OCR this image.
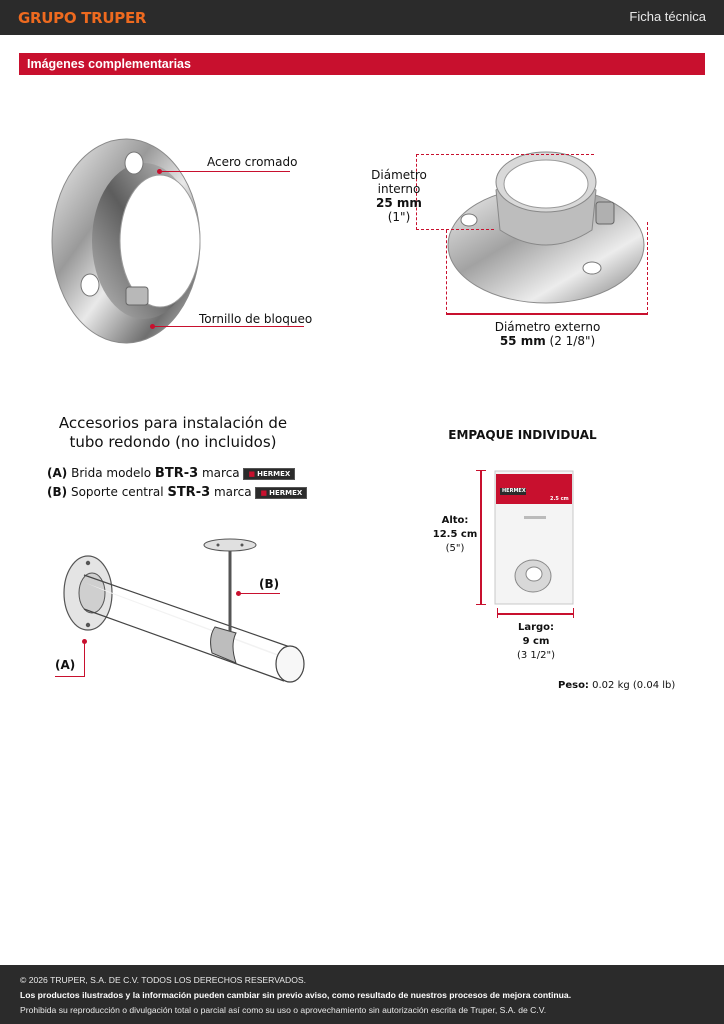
GRUPO TRUPER	Ficha técnica
Imágenes complementarias
Acero cromado
Tornillo de bloqueo
Diámetro
interno
25 mm (1")
Diámetro externo
55 mm (2 1/8")
Accesorios para instalación de
tubo redondo (no incluidos)
(A) Brida modelo BTR-3 marca ■ HERMEX
(B) Soporte central STR-3 marca ■ HERMEX
(B)
(A)
EMPAQUE INDIVIDUAL
HERMEX
2.5 cm
Alto:
12.5 cm
(5")
Largo:
9 cm
(3 1/2")
Peso: 0.02 kg (0.04 lb)

© 2026 TRUPER, S.A. DE C.V. TODOS LOS DERECHOS RESERVADOS.

Los productos ilustrados y la información pueden cambiar sin previo aviso, como resultado de nuestros procesos de mejora continua.

Prohibida su reproducción o divulgación total o parcial así como su uso o aprovechamiento sin autorización escrita de Truper, S.A. de C.V.
